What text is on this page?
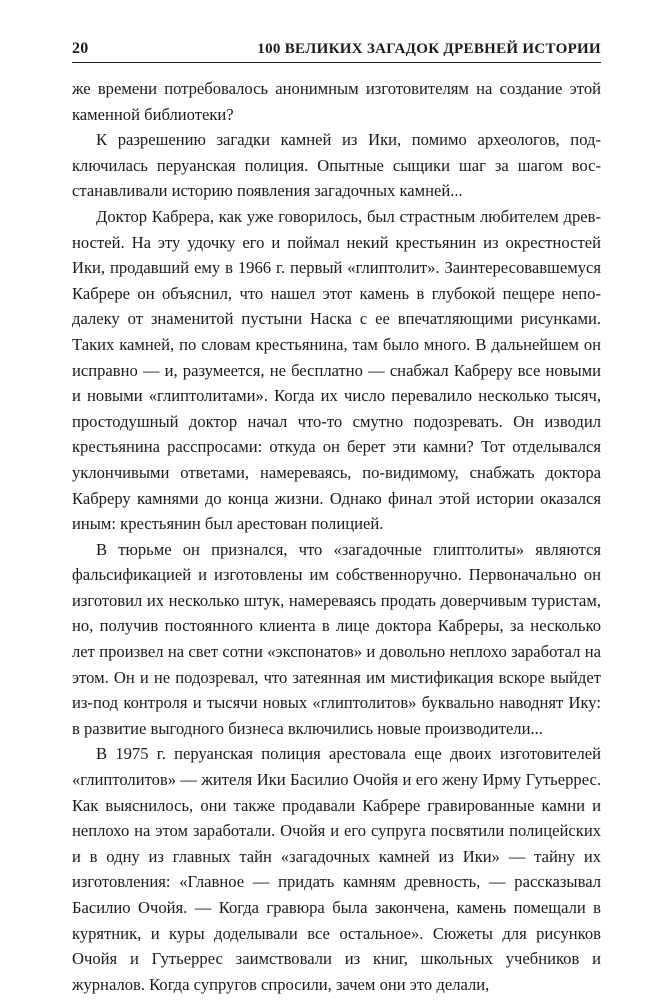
20	100 ВЕЛИКИХ ЗАГАДОК ДРЕВНЕЙ ИСТОРИИ

же времени потребовалось анонимным изготовителям на создание этой каменной библиотеки?

К разрешению загадки камней из Ики, помимо археологов, подключилась перуанская полиция. Опытные сыщики шаг за шагом восстанавливали историю появления загадочных камней...

Доктор Кабрера, как уже говорилось, был страстным любителем древностей. На эту удочку его и поймал некий крестьянин из окрестностей Ики, продавший ему в 1966 г. первый «глиптолит». Заинтересовавшемуся Кабрере он объяснил, что нашел этот камень в глубокой пещере неподалеку от знаменитой пустыни Наска с ее впечатляющими рисунками. Таких камней, по словам крестьянина, там было много. В дальнейшем он исправно — и, разумеется, не бесплатно — снабжал Кабреру все новыми и новыми «глиптолитами». Когда их число перевалило несколько тысяч, простодушный доктор начал что-то смутно подозревать. Он изводил крестьянина расспросами: откуда он берет эти камни? Тот отделывался уклончивыми ответами, намереваясь, по-видимому, снабжать доктора Кабреру камнями до конца жизни. Однако финал этой истории оказался иным: крестьянин был арестован полицией.

В тюрьме он признался, что «загадочные глиптолиты» являются фальсификацией и изготовлены им собственноручно. Первоначально он изготовил их несколько штук, намереваясь продать доверчивым туристам, но, получив постоянного клиента в лице доктора Кабреры, за несколько лет произвел на свет сотни «экспонатов» и довольно неплохо заработал на этом. Он и не подозревал, что затеянная им мистификация вскоре выйдет из-под контроля и тысячи новых «глиптолитов» буквально наводнят Ику: в развитие выгодного бизнеса включились новые производители...

В 1975 г. перуанская полиция арестовала еще двоих изготовителей «глиптолитов» — жителя Ики Басилио Очойя и его жену Ирму Гутьеррес. Как выяснилось, они также продавали Кабрере гравированные камни и неплохо на этом заработали. Очойя и его супруга посвятили полицейских и в одну из главных тайн «загадочных камней из Ики» — тайну их изготовления: «Главное — придать камням древность, — рассказывал Басилио Очойя. — Когда гравюра была закончена, камень помещали в курятник, и куры доделывали все остальное». Сюжеты для рисунков Очойя и Гутьеррес заимствовали из книг, школьных учебников и журналов. Когда супругов спросили, зачем они это делали,
